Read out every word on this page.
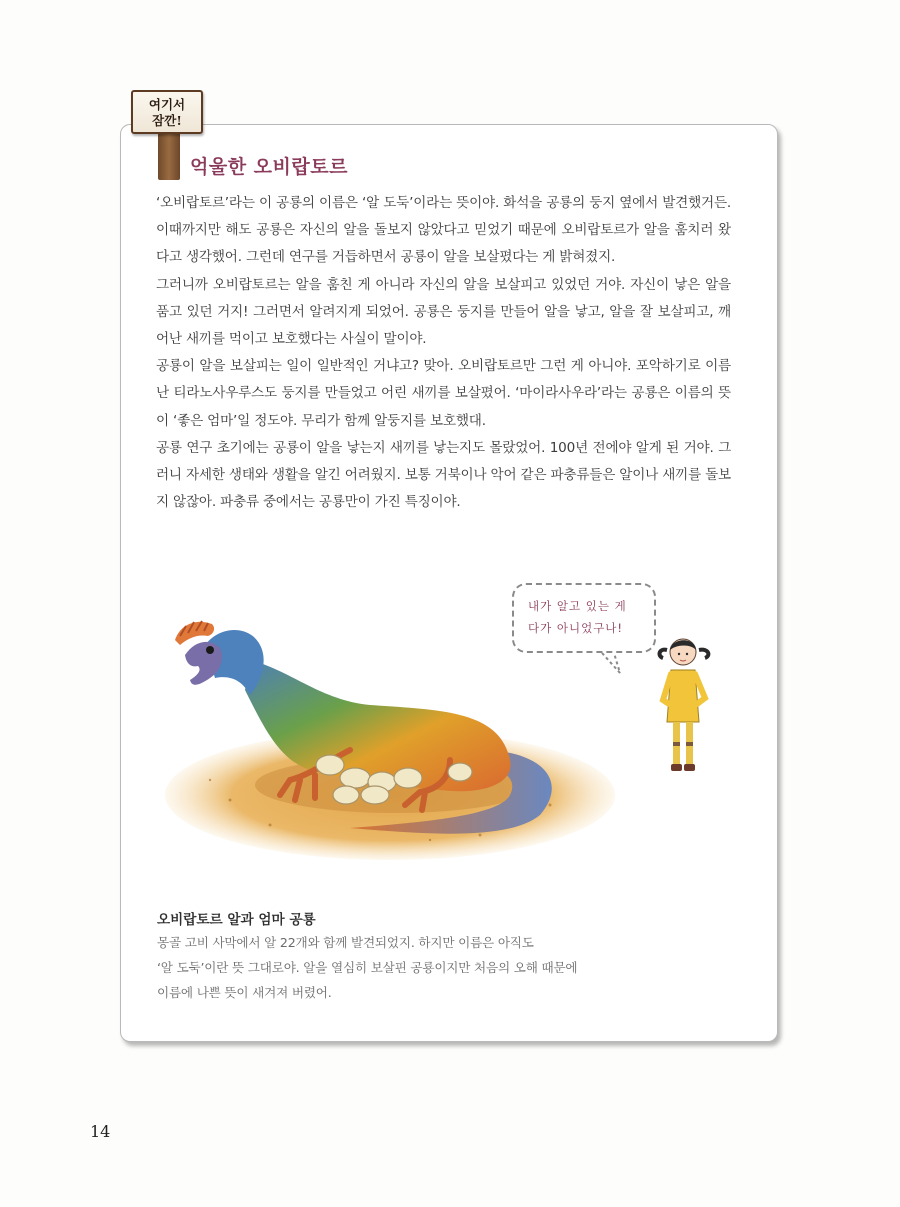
여기서
잠깐!
억울한 오비랍토르

‘오비랍토르’라는 이 공룡의 이름은 ‘알 도둑’이라는 뜻이야. 화석을 공룡의 둥지 옆에서 발견했거든. 이때까지만 해도 공룡은 자신의 알을 돌보지 않았다고 믿었기 때문에 오비랍토르가 알을 훔치러 왔다고 생각했어. 그런데 연구를 거듭하면서 공룡이 알을 보살폈다는 게 밝혀졌지.

그러니까 오비랍토르는 알을 훔친 게 아니라 자신의 알을 보살피고 있었던 거야. 자신이 낳은 알을 품고 있던 거지! 그러면서 알려지게 되었어. 공룡은 둥지를 만들어 알을 낳고, 알을 잘 보살피고, 깨어난 새끼를 먹이고 보호했다는 사실이 말이야.

공룡이 알을 보살피는 일이 일반적인 거냐고? 맞아. 오비랍토르만 그런 게 아니야. 포악하기로 이름난 티라노사우루스도 둥지를 만들었고 어린 새끼를 보살폈어. ‘마이라사우라’라는 공룡은 이름의 뜻이 ‘좋은 엄마’일 정도야. 무리가 함께 알둥지를 보호했대.

공룡 연구 초기에는 공룡이 알을 낳는지 새끼를 낳는지도 몰랐었어. 100년 전에야 알게 된 거야. 그러니 자세한 생태와 생활을 알긴 어려웠지. 보통 거북이나 악어 같은 파충류들은 알이나 새끼를 돌보지 않잖아. 파충류 중에서는 공룡만이 가진 특징이야.

내가 알고 있는 게
다가 아니었구나!
오비랍토르 알과 엄마 공룡

몽골 고비 사막에서 알 22개와 함께 발견되었지. 하지만 이름은 아직도

‘알 도둑’이란 뜻 그대로야. 알을 열심히 보살핀 공룡이지만 처음의 오해 때문에

이름에 나쁜 뜻이 새겨져 버렸어.

14
